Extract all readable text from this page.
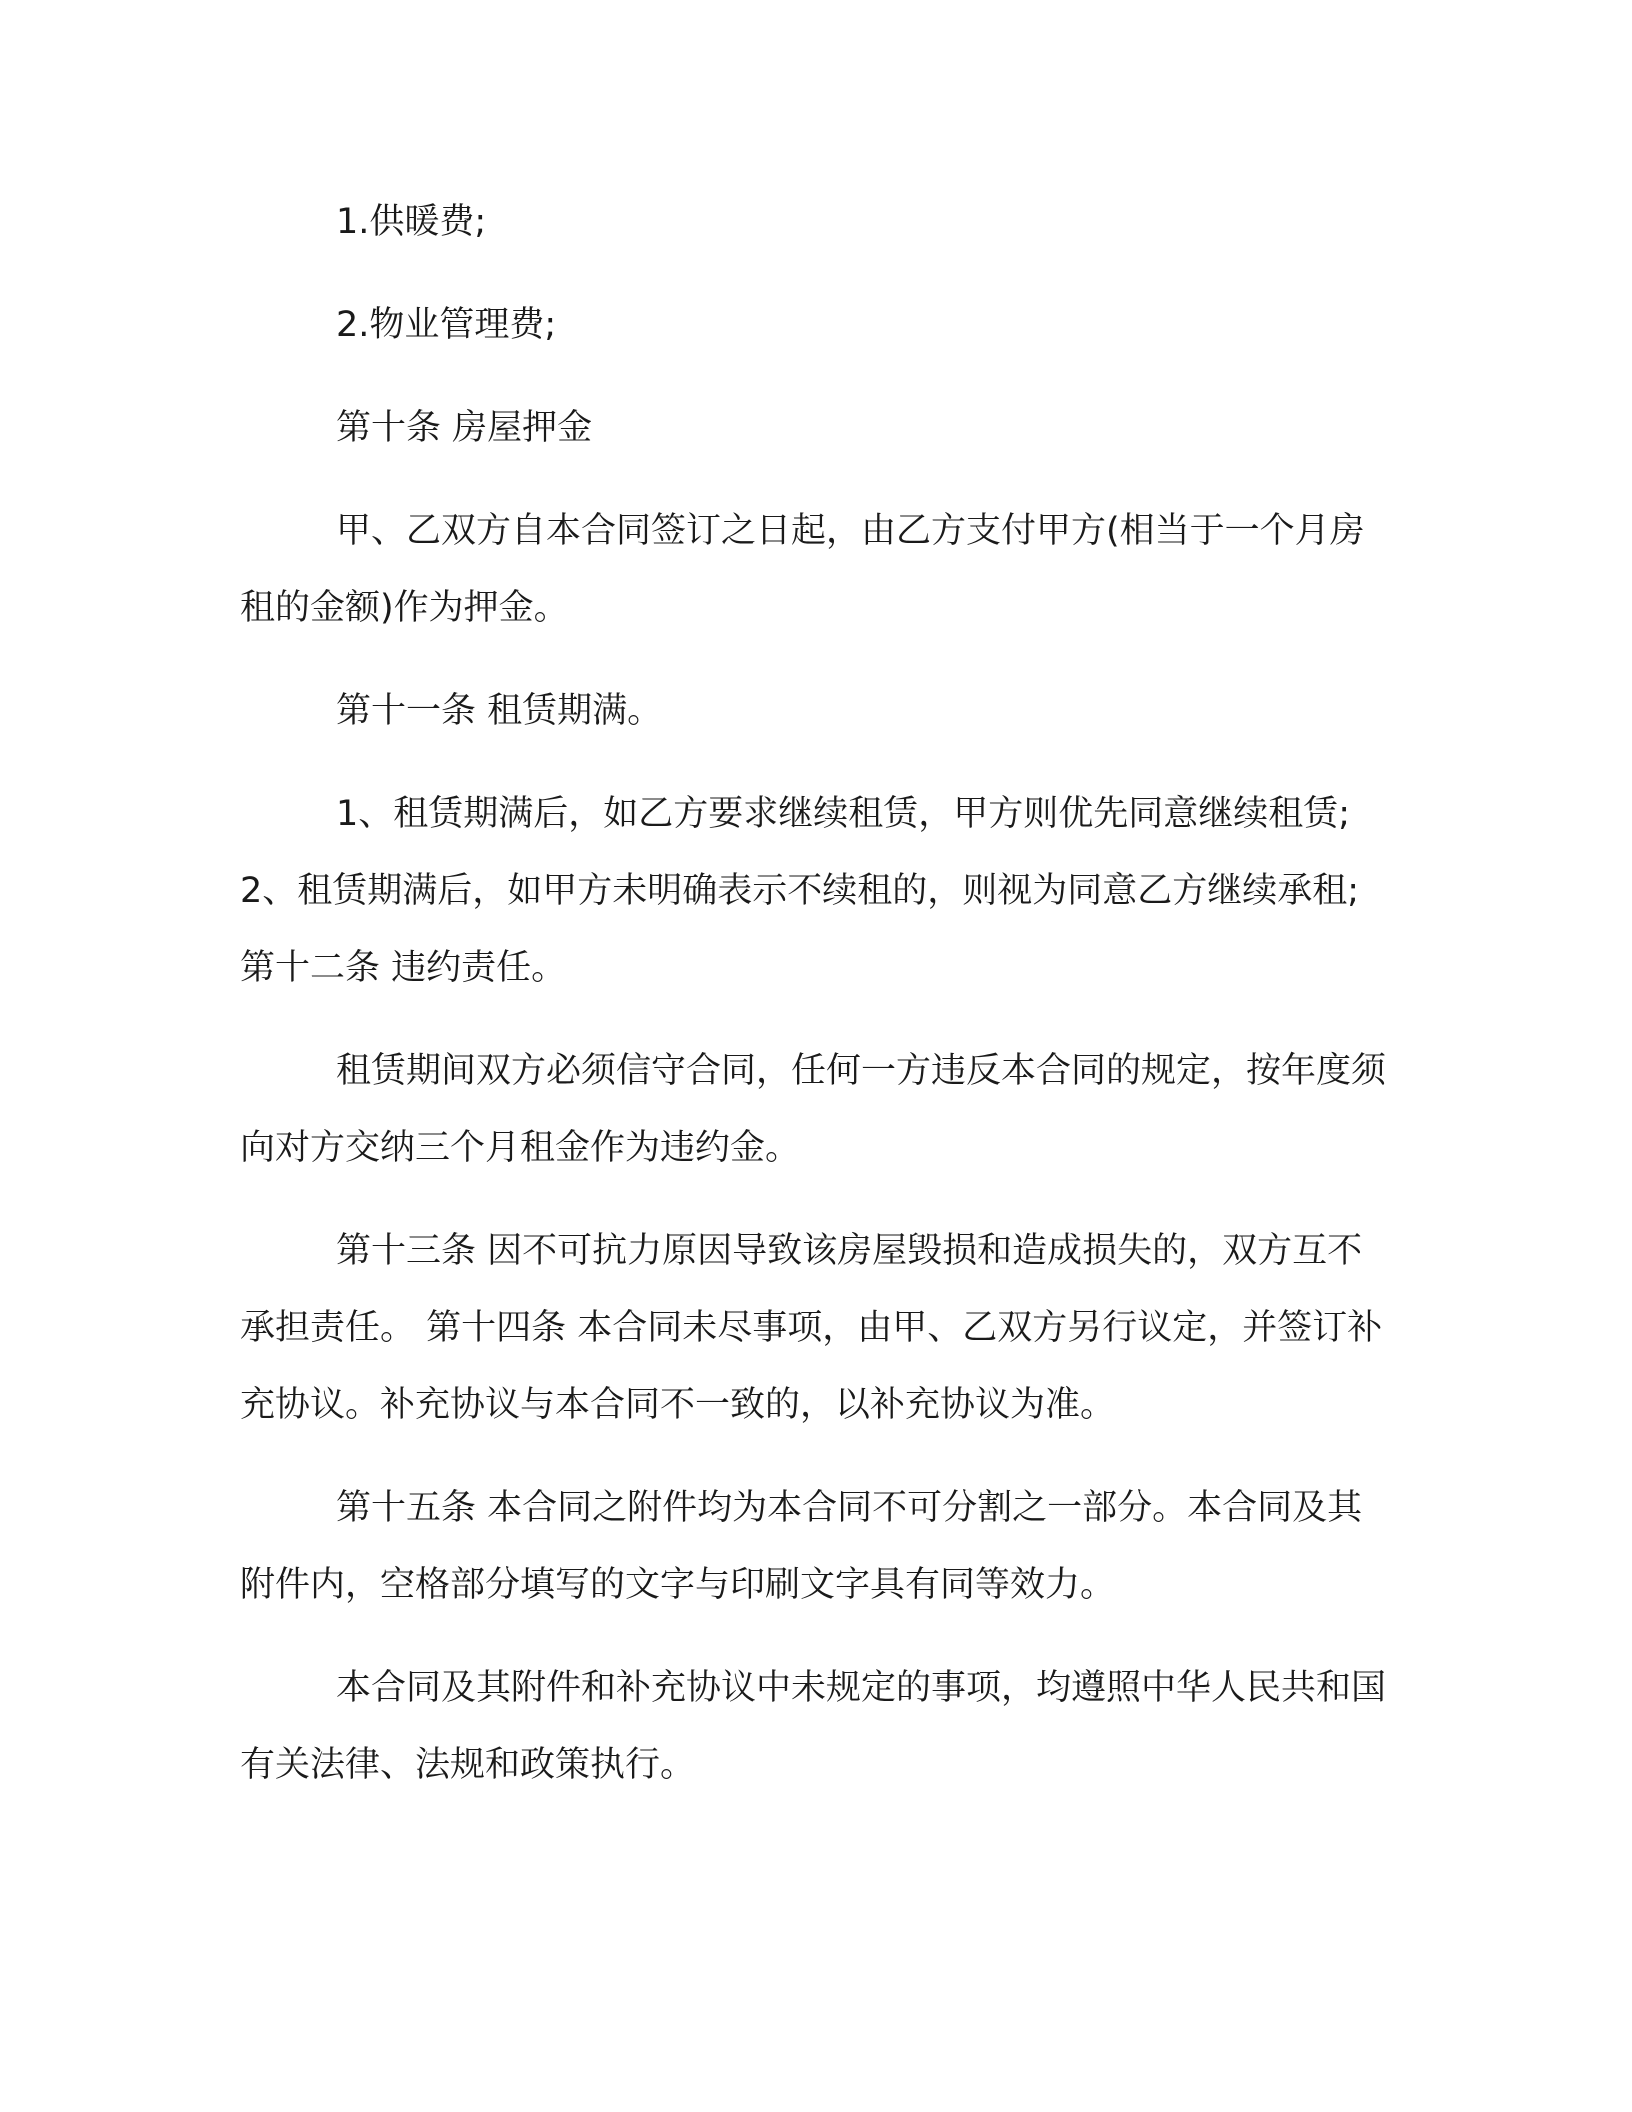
1.供暖费;

2.物业管理费;

第十条 房屋押金

甲、乙双方自本合同签订之日起，由乙方支付甲方(相当于一个月房租的金额)作为押金。

第十一条 租赁期满。

1、租赁期满后，如乙方要求继续租赁，甲方则优先同意继续租赁; 2、租赁期满后，如甲方未明确表示不续租的，则视为同意乙方继续承租; 第十二条 违约责任。

租赁期间双方必须信守合同，任何一方违反本合同的规定，按年度须向对方交纳三个月租金作为违约金。

第十三条 因不可抗力原因导致该房屋毁损和造成损失的，双方互不承担责任。 第十四条 本合同未尽事项，由甲、乙双方另行议定，并签订补充协议。补充协议与本合同不一致的，以补充协议为准。

第十五条 本合同之附件均为本合同不可分割之一部分。本合同及其附件内，空格部分填写的文字与印刷文字具有同等效力。

本合同及其附件和补充协议中未规定的事项，均遵照中华人民共和国有关法律、法规和政策执行。
